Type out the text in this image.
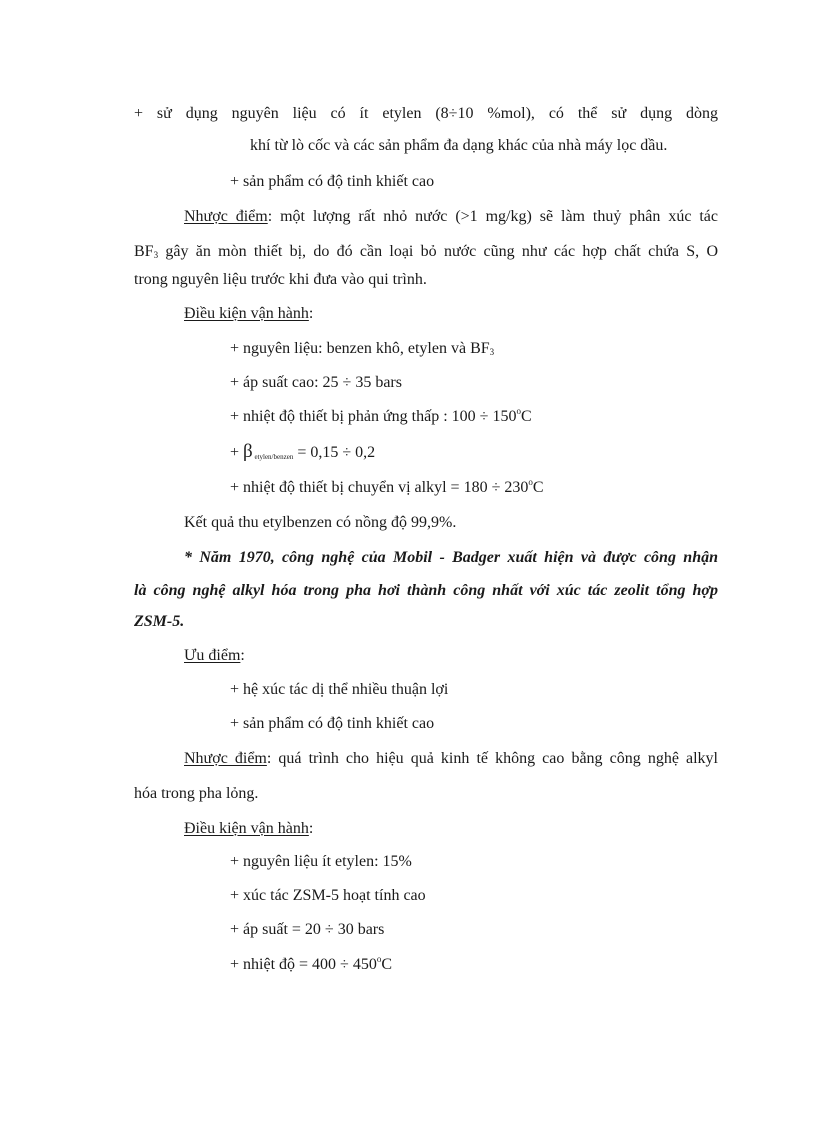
+ sử dụng nguyên liệu có ít etylen (8÷10 %mol), có thể sử dụng dòng
khí từ lò cốc và các sản phẩm đa dạng khác của nhà máy lọc dầu.
+ sản phẩm có độ tinh khiết cao
Nhược điểm: một lượng rất nhỏ nước (>1 mg/kg) sẽ làm thuỷ phân xúc tác
$BF_3$ gây ăn mòn thiết bị, do đó cần loại bỏ nước cũng như các hợp chất chứa S, O
trong nguyên liệu trước khi đưa vào qui trình.
Điều kiện vận hành:
+ nguyên liệu: benzen khô, etylen và $BF_3$
+ áp suất cao: 25 ÷ 35 bars
+ nhiệt độ thiết bị phản ứng thấp : $100 \div 150^oC$
+ β $_{etylen/benzen}$ = 0,15 ÷ 0,2
+ nhiệt độ thiết bị chuyển vị alkyl = $180 \div 230^oC$
Kết quả thu etylbenzen có nồng độ 99,9%.
* Năm 1970, công nghệ của Mobil - Badger xuất hiện và được công nhận
là công nghệ alkyl hóa trong pha hơi thành công nhất với xúc tác zeolit tổng hợp
ZSM-5.
Ưu điểm:
+ hệ xúc tác dị thể nhiều thuận lợi
+ sản phẩm có độ tinh khiết cao
Nhược điểm: quá trình cho hiệu quả kinh tế không cao bằng công nghệ alkyl
hóa trong pha lỏng.
Điều kiện vận hành:
+ nguyên liệu ít etylen: 15%
+ xúc tác ZSM-5 hoạt tính cao
+ áp suất = 20 ÷ 30 bars
+ nhiệt độ = $400 \div 450^oC$
